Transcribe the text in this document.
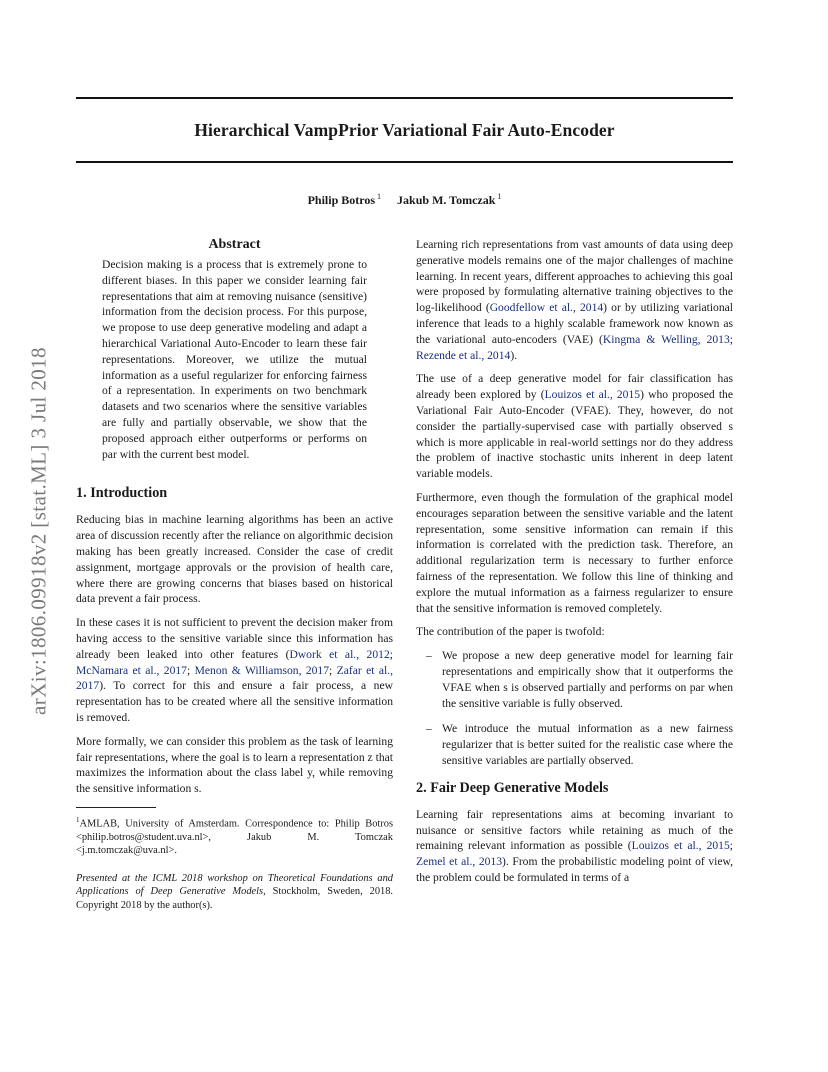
Hierarchical VampPrior Variational Fair Auto-Encoder
Philip Botros $^1$ Jakub M. Tomczak $^1$
arXiv:1806.09918v2 [stat.ML] 3 Jul 2018
Abstract
Decision making is a process that is extremely prone to different biases. In this paper we consider learning fair representations that aim at removing nuisance (sensitive) information from the decision process. For this purpose, we propose to use deep generative modeling and adapt a hierarchical Variational Auto-Encoder to learn these fair representations. Moreover, we utilize the mutual information as a useful regularizer for enforcing fairness of a representation. In experiments on two benchmark datasets and two scenarios where the sensitive variables are fully and partially observable, we show that the proposed approach either outperforms or performs on par with the current best model.
1. Introduction

Reducing bias in machine learning algorithms has been an active area of discussion recently after the reliance on algorithmic decision making has been greatly increased. Consider the case of credit assignment, mortgage approvals or the provision of health care, where there are growing concerns that biases based on historical data prevent a fair process.

In these cases it is not sufficient to prevent the decision maker from having access to the sensitive variable since this information has already been leaked into other features (Dwork et al., 2012; McNamara et al., 2017; Menon & Williamson, 2017; Zafar et al., 2017). To correct for this and ensure a fair process, a new representation has to be created where all the sensitive information is removed.

More formally, we can consider this problem as the task of learning fair representations, where the goal is to learn a representation z that maximizes the information about the class label y, while removing the sensitive information s.

$^1$AMLAB, University of Amsterdam. Correspondence to: Philip Botros <philip.botros@student.uva.nl>, Jakub M. Tomczak <j.m.tomczak@uva.nl>.
Presented at the ICML 2018 workshop on Theoretical Foundations and Applications of Deep Generative Models, Stockholm, Sweden, 2018. Copyright 2018 by the author(s).

Learning rich representations from vast amounts of data using deep generative models remains one of the major challenges of machine learning. In recent years, different approaches to achieving this goal were proposed by formulating alternative training objectives to the log-likelihood (Goodfellow et al., 2014) or by utilizing variational inference that leads to a highly scalable framework now known as the variational auto-encoders (VAE) (Kingma & Welling, 2013; Rezende et al., 2014).

The use of a deep generative model for fair classification has already been explored by (Louizos et al., 2015) who proposed the Variational Fair Auto-Encoder (VFAE). They, however, do not consider the partially-supervised case with partially observed s which is more applicable in real-world settings nor do they address the problem of inactive stochastic units inherent in deep latent variable models.

Furthermore, even though the formulation of the graphical model encourages separation between the sensitive variable and the latent representation, some sensitive information can remain if this information is correlated with the prediction task. Therefore, an additional regularization term is necessary to further enforce fairness of the representation. We follow this line of thinking and explore the mutual information as a fairness regularizer to ensure that the sensitive information is removed completely.

The contribution of the paper is twofold:

– We propose a new deep generative model for learning fair representations and empirically show that it outperforms the VFAE when s is observed partially and performs on par when the sensitive variable is fully observed.
– We introduce the mutual information as a new fairness regularizer that is better suited for the realistic case where the sensitive variables are partially observed.
2. Fair Deep Generative Models

Learning fair representations aims at becoming invariant to nuisance or sensitive factors while retaining as much of the remaining relevant information as possible (Louizos et al., 2015; Zemel et al., 2013). From the probabilistic modeling point of view, the problem could be formulated in terms of a
